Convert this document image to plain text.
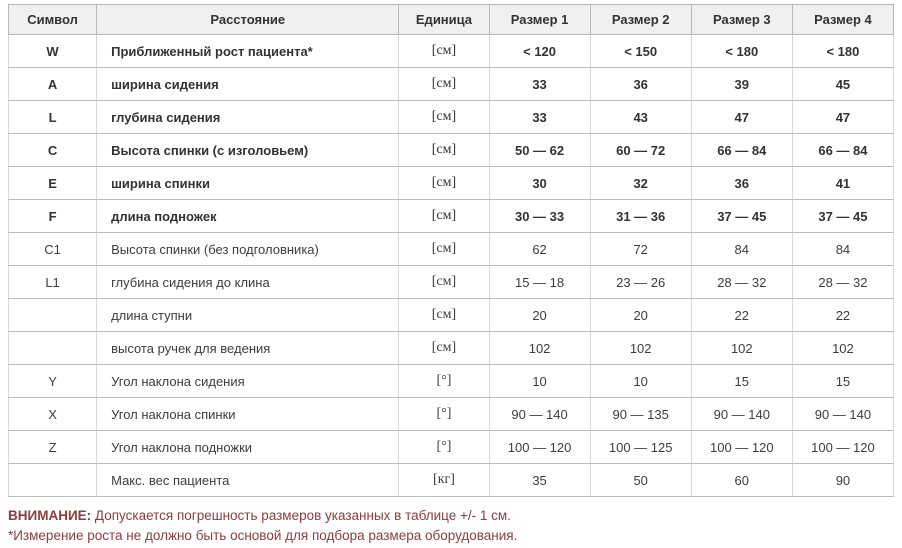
Символ	Расстояние	Единица	Размер 1	Размер 2	Размер 3	Размер 4
W	Приближенный рост пациента*	[см]	< 120	< 150	< 180	< 180
A	ширина сидения	[см]	33	36	39	45
L	глубина сидения	[см]	33	43	47	47
C	Высота спинки (с изголовьем)	[см]	50 — 62	60 — 72	66 — 84	66 — 84
E	ширина спинки	[см]	30	32	36	41
F	длина подножек	[см]	30 — 33	31 — 36	37 — 45	37 — 45
C1	Высота спинки (без подголовника)	[см]	62	72	84	84
L1	глубина сидения до клина	[см]	15 — 18	23 — 26	28 — 32	28 — 32
	длина ступни	[см]	20	20	22	22
	высота ручек для ведения	[см]	102	102	102	102
Y	Угол наклона сидения	[°]	10	10	15	15
X	Угол наклона спинки	[°]	90 — 140	90 — 135	90 — 140	90 — 140
Z	Угол наклона подножки	[°]	100 — 120	100 — 125	100 — 120	100 — 120
	Макс. вес пациента	[кг]	35	50	60	90
ВНИМАНИЕ: Допускается погрешность размеров указанных в таблице +/- 1 см.
*Измерение роста не должно быть основой для подбора размера оборудования.
